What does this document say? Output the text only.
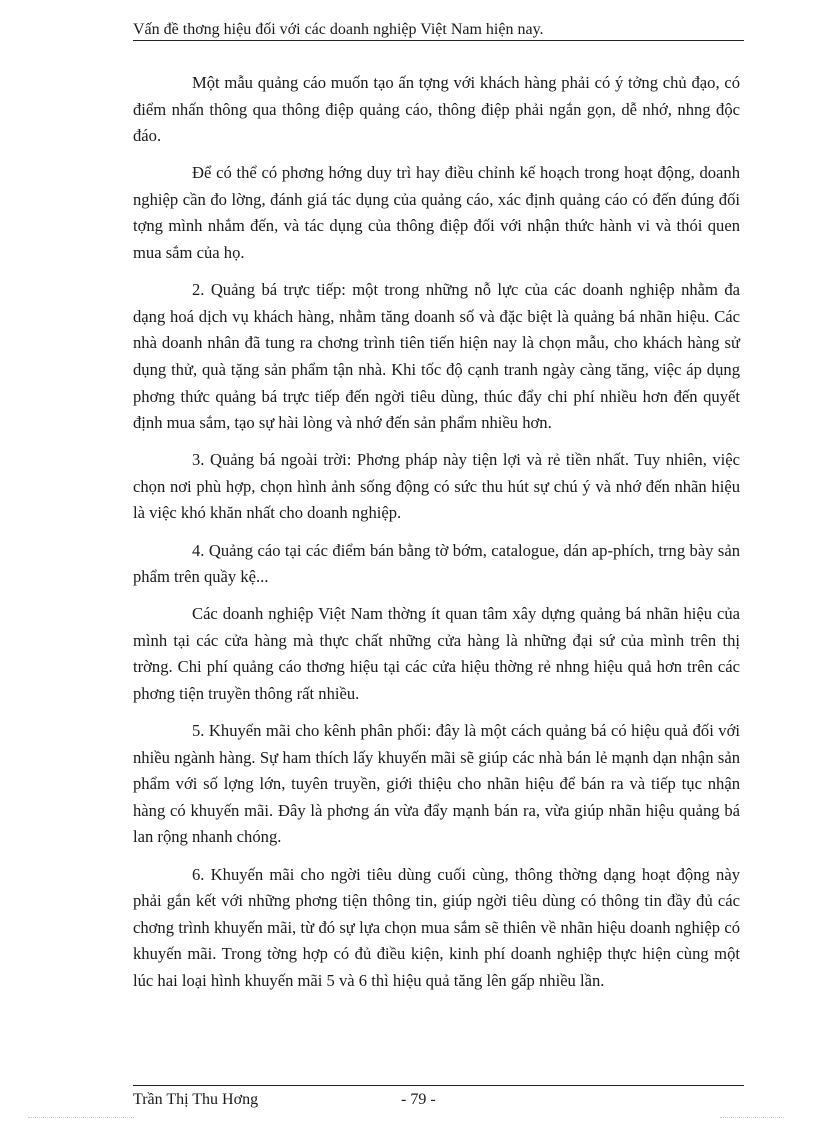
Vấn đề thơng hiệu đối với các doanh nghiệp Việt Nam hiện nay.

Một mẫu quảng cáo muốn tạo ấn tợng với khách hàng phải có ý tởng chủ đạo, có điểm nhấn thông qua thông điệp quảng cáo, thông điệp phải ngắn gọn, dễ nhớ, nhng độc đáo.

Để có thể có phơng hớng duy trì hay điều chỉnh kế hoạch trong hoạt động, doanh nghiệp cần đo lờng, đánh giá tác dụng của quảng cáo, xác định quảng cáo có đến đúng đối tợng mình nhắm đến, và tác dụng của thông điệp đối với nhận thức hành vi và thói quen mua sắm của họ.

2. Quảng bá trực tiếp: một trong những nỗ lực của các doanh nghiệp nhằm đa dạng hoá dịch vụ khách hàng, nhằm tăng doanh số và đặc biệt là quảng bá nhãn hiệu. Các nhà doanh nhân đã tung ra chơng trình tiên tiến hiện nay là chọn mẫu, cho khách hàng sử dụng thử, quà tặng sản phẩm tận nhà. Khi tốc độ cạnh tranh ngày càng tăng, việc áp dụng phơng thức quảng bá trực tiếp đến ngời tiêu dùng, thúc đẩy chi phí nhiều hơn đến quyết định mua sắm, tạo sự hài lòng và nhớ đến sản phẩm nhiều hơn.

3. Quảng bá ngoài trời: Phơng pháp này tiện lợi và rẻ tiền nhất. Tuy nhiên, việc chọn nơi phù hợp, chọn hình ảnh sống động có sức thu hút sự chú ý và nhớ đến nhãn hiệu là việc khó khăn nhất cho doanh nghiệp.

4. Quảng cáo tại các điểm bán bằng tờ bớm, catalogue, dán ap-phích, trng bày sản phẩm trên quầy kệ...

Các doanh nghiệp Việt Nam thờng ít quan tâm xây dựng quảng bá nhãn hiệu của mình tại các cửa hàng mà thực chất những cửa hàng là những đại sứ của mình trên thị trờng. Chi phí quảng cáo thơng hiệu tại các cửa hiệu thờng rẻ nhng hiệu quả hơn trên các phơng tiện truyền thông rất nhiều.

5. Khuyến mãi cho kênh phân phối: đây là một cách quảng bá có hiệu quả đối với nhiều ngành hàng. Sự ham thích lấy khuyến mãi sẽ giúp các nhà bán lẻ mạnh dạn nhận sản phẩm với số lợng lớn, tuyên truyền, giới thiệu cho nhãn hiệu để bán ra và tiếp tục nhận hàng có khuyến mãi. Đây là phơng án vừa đẩy mạnh bán ra, vừa giúp nhãn hiệu quảng bá lan rộng nhanh chóng.

6. Khuyến mãi cho ngời tiêu dùng cuối cùng, thông thờng dạng hoạt động này phải gắn kết với những phơng tiện thông tin, giúp ngời tiêu dùng có thông tin đầy đủ các chơng trình khuyến mãi, từ đó sự lựa chọn mua sắm sẽ thiên về nhãn hiệu doanh nghiệp có khuyến mãi. Trong tờng hợp có đủ điều kiện, kinh phí doanh nghiệp thực hiện cùng một lúc hai loại hình khuyến mãi 5 và 6 thì hiệu quả tăng lên gấp nhiều lần.

Trần Thị Thu Hơng	- 79 -
